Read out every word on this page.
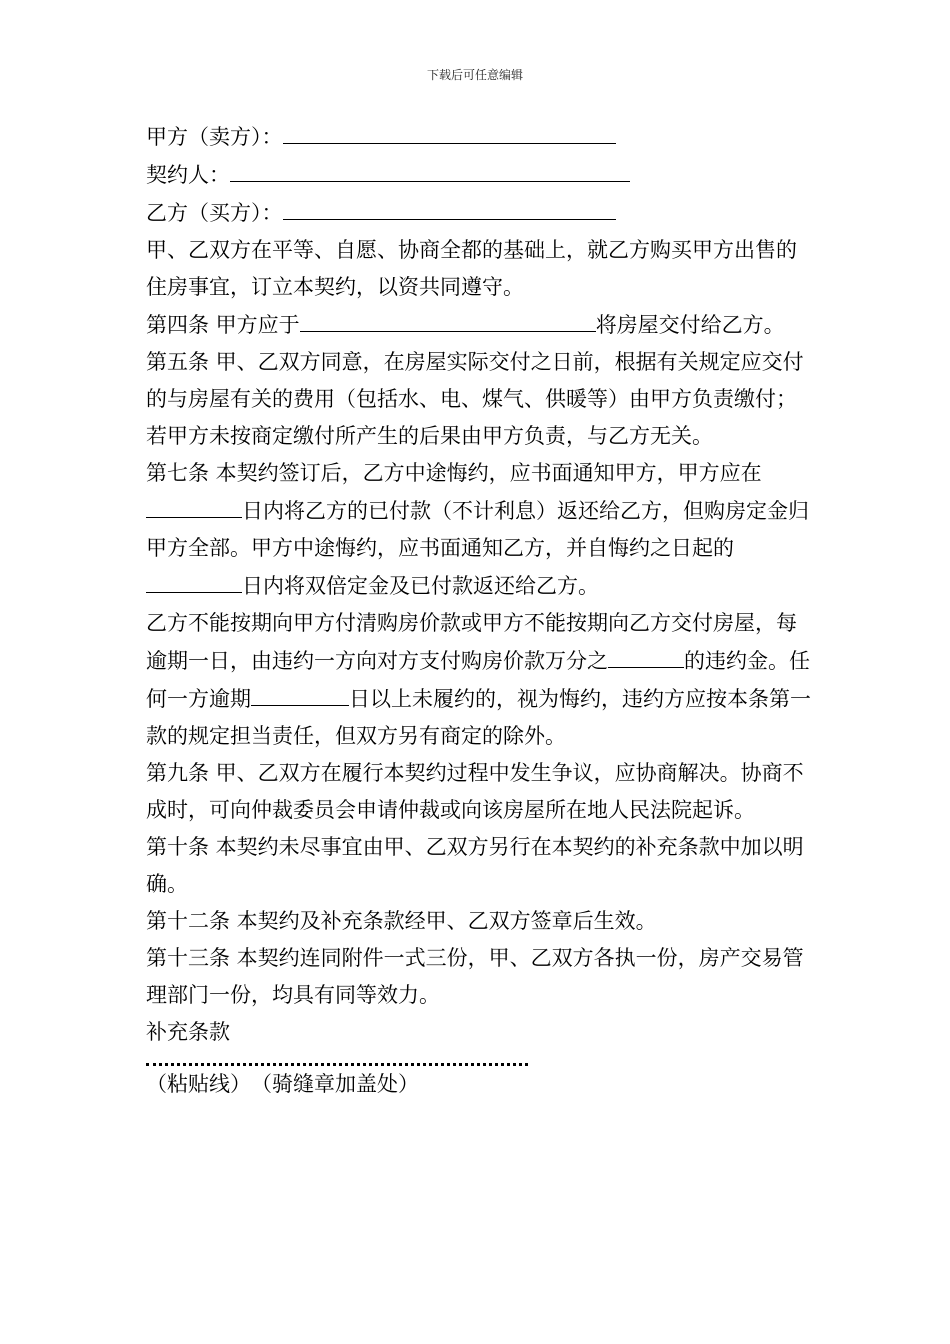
下载后可任意编辑

甲方（卖方）：

契约人：

乙方（买方）：

甲、乙双方在平等、自愿、协商全都的基础上，就乙方购买甲方出售的住房事宜，订立本契约，以资共同遵守。

第四条 甲方应于	将房屋交付给乙方。

第五条 甲、乙双方同意，在房屋实际交付之日前，根据有关规定应交付的与房屋有关的费用（包括水、电、煤气、供暖等）由甲方负责缴付；若甲方未按商定缴付所产生的后果由甲方负责，与乙方无关。

第七条 本契约签订后，乙方中途悔约，应书面通知甲方，甲方应在日内将乙方的已付款（不计利息）返还给乙方，但购房定金归甲方全部。甲方中途悔约，应书面通知乙方，并自悔约之日起的日内将双倍定金及已付款返还给乙方。

乙方不能按期向甲方付清购房价款或甲方不能按期向乙方交付房屋，每逾期一日，由违约一方向对方支付购房价款万分之	的违约金。任何一方逾期	日以上未履约的，视为悔约，违约方应按本条第一款的规定担当责任，但双方另有商定的除外。

第九条 甲、乙双方在履行本契约过程中发生争议，应协商解决。协商不成时，可向仲裁委员会申请仲裁或向该房屋所在地人民法院起诉。

第十条 本契约未尽事宜由甲、乙双方另行在本契约的补充条款中加以明确。

第十二条 本契约及补充条款经甲、乙双方签章后生效。

第十三条 本契约连同附件一式三份，甲、乙双方各执一份，房产交易管理部门一份，均具有同等效力。

补充条款

（粘贴线）　（骑缝章加盖处）
